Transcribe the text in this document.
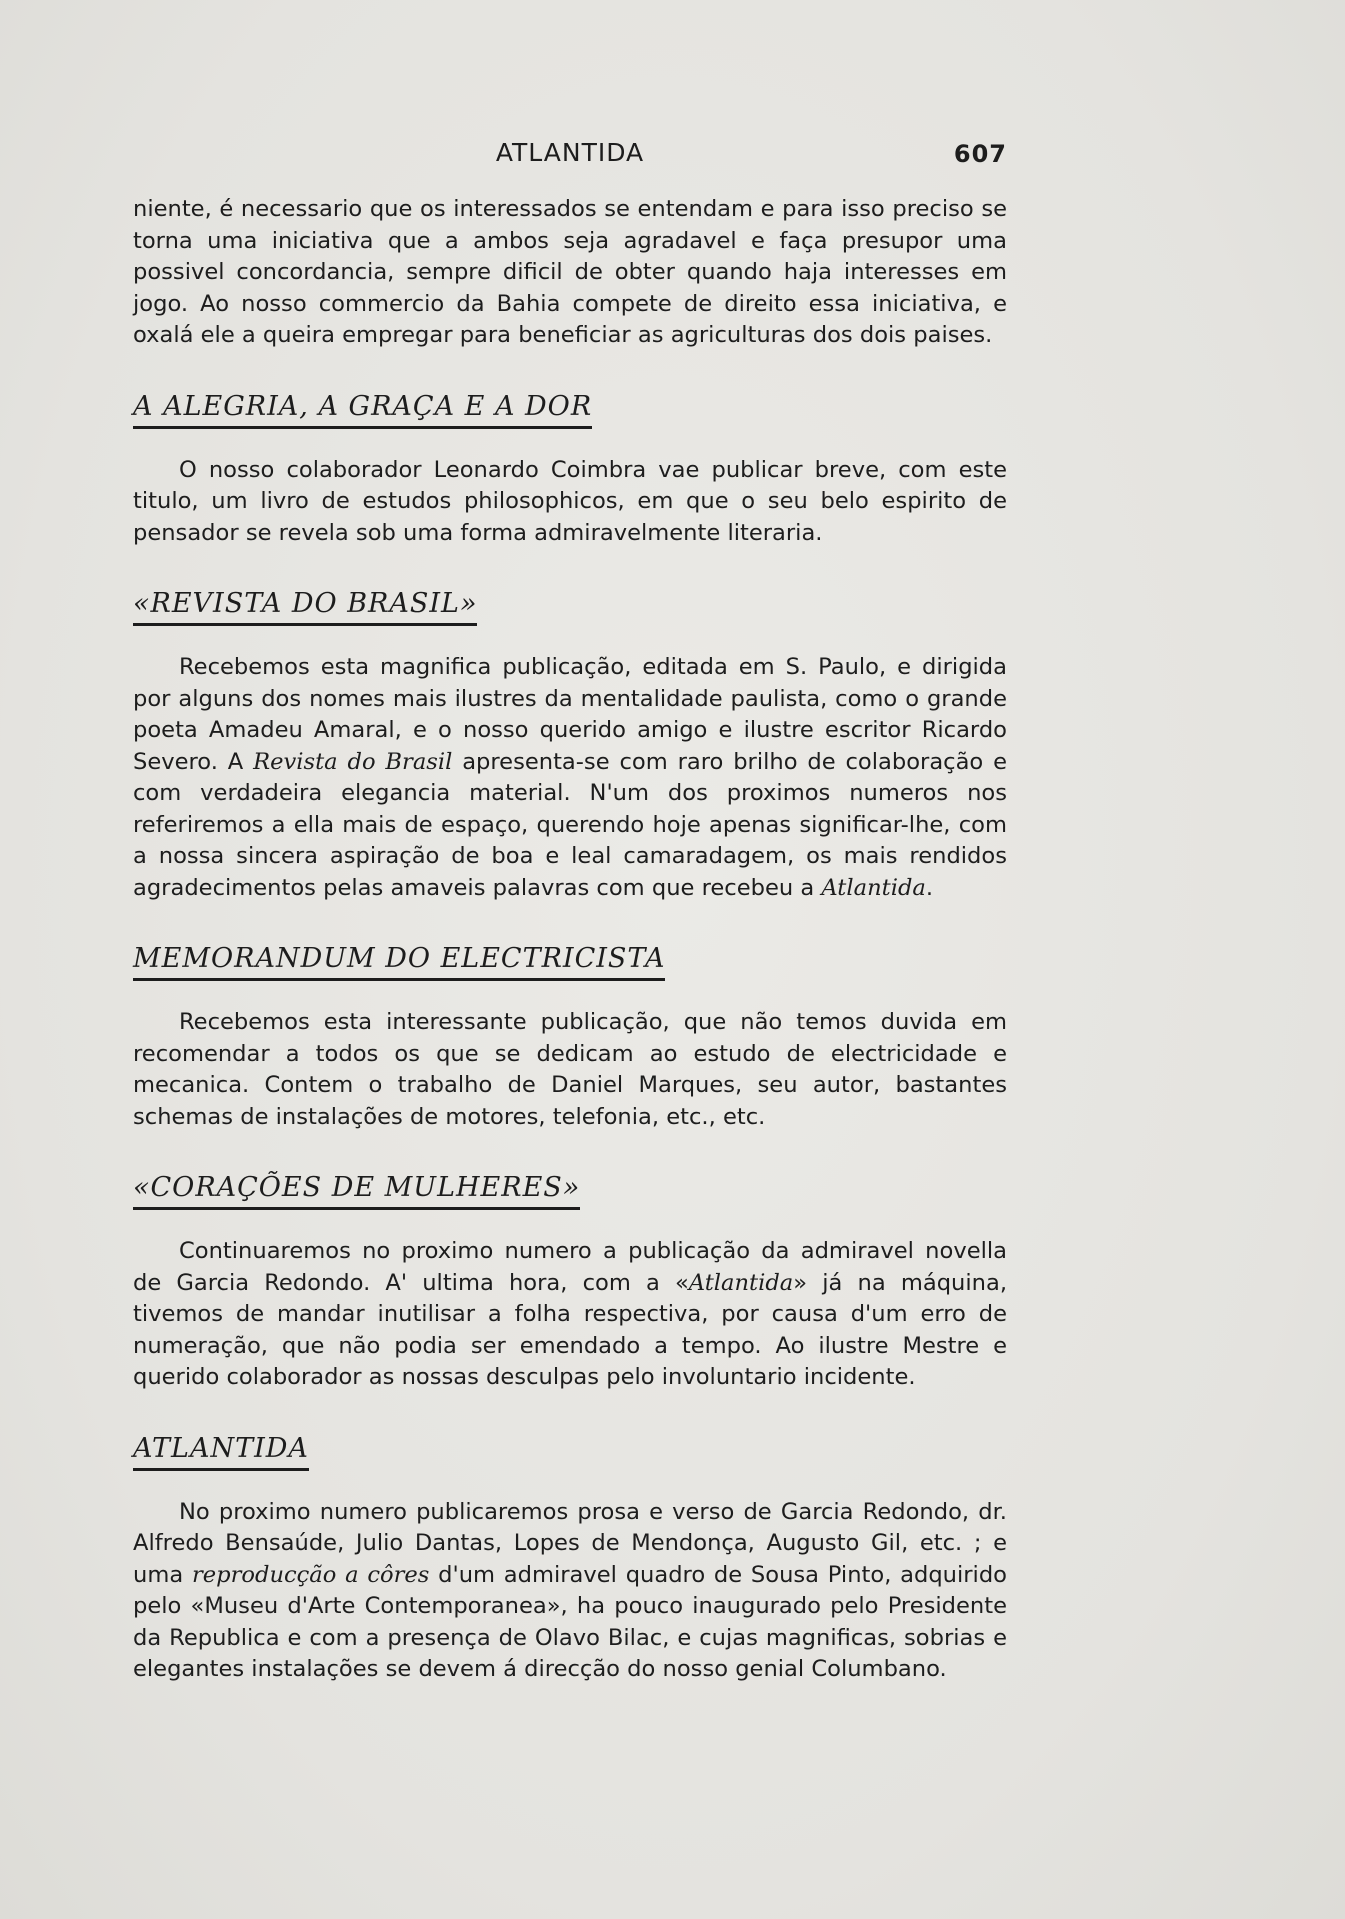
ATLANTIDA	607

niente, é necessario que os interessados se entendam e para isso preciso se torna uma iniciativa que a ambos seja agradavel e faça presupor uma possivel concordancia, sempre dificil de obter quando haja interesses em jogo. Ao nosso commercio da Bahia compete de direito essa iniciativa, e oxalá ele a queira empregar para beneficiar as agriculturas dos dois paises.

A ALEGRIA, A GRAÇA E A DOR

O nosso colaborador Leonardo Coimbra vae publicar breve, com este titulo, um livro de estudos philosophicos, em que o seu belo espirito de pensador se revela sob uma forma admiravelmente literaria.

«REVISTA DO BRASIL»

Recebemos esta magnifica publicação, editada em S. Paulo, e dirigida por alguns dos nomes mais ilustres da mentalidade paulista, como o grande poeta Amadeu Amaral, e o nosso querido amigo e ilustre escritor Ricardo Severo. A Revista do Brasil apresenta-se com raro brilho de colaboração e com verdadeira elegancia material. N'um dos proximos numeros nos referiremos a ella mais de espaço, querendo hoje apenas significar-lhe, com a nossa sincera aspiração de boa e leal camaradagem, os mais rendidos agradecimentos pelas amaveis palavras com que recebeu a Atlantida.

MEMORANDUM DO ELECTRICISTA

Recebemos esta interessante publicação, que não temos duvida em recomendar a todos os que se dedicam ao estudo de electricidade e mecanica. Contem o trabalho de Daniel Marques, seu autor, bastantes schemas de instalações de motores, telefonia, etc., etc.

«CORAÇÕES DE MULHERES»

Continuaremos no proximo numero a publicação da admiravel novella de Garcia Redondo. A' ultima hora, com a «Atlantida» já na máquina, tivemos de mandar inutilisar a folha respectiva, por causa d'um erro de numeração, que não podia ser emendado a tempo. Ao ilustre Mestre e querido colaborador as nossas desculpas pelo involuntario incidente.

ATLANTIDA

No proximo numero publicaremos prosa e verso de Garcia Redondo, dr. Alfredo Bensaúde, Julio Dantas, Lopes de Mendonça, Augusto Gil, etc. ; e uma reproducção a côres d'um admiravel quadro de Sousa Pinto, adquirido pelo «Museu d'Arte Contemporanea», ha pouco inaugurado pelo Presidente da Republica e com a presença de Olavo Bilac, e cujas magnificas, sobrias e elegantes instalações se devem á direcção do nosso genial Columbano.
